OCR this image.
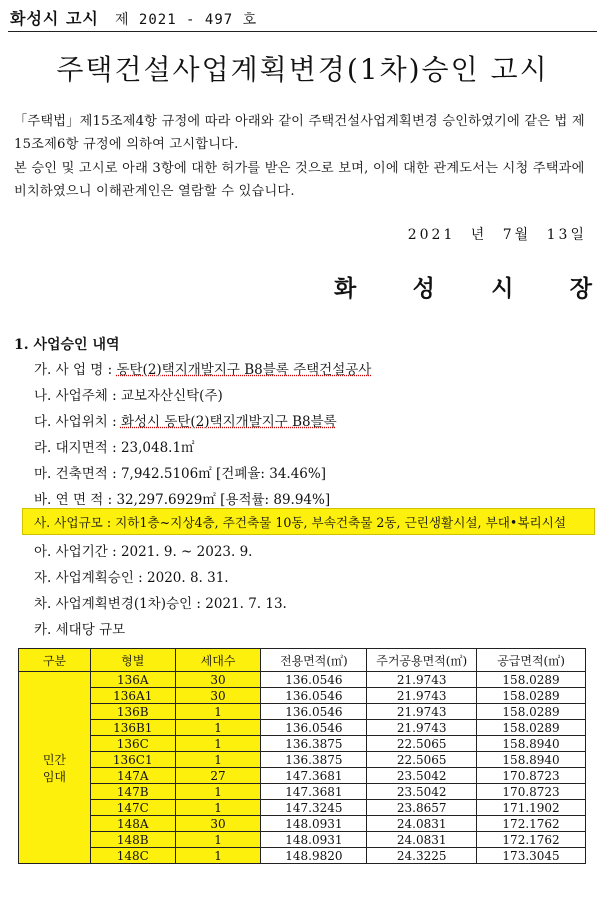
화성시 고시 제 2021 - 497 호
주택건설사업계획변경(1차)승인 고시
「주택법」제15조제4항 규정에 따라 아래와 같이 주택건설사업계획변경 승인하였기에 같은 법 제15조제6항 규정에 의하여 고시합니다.
본 승인 및 고시로 아래 3항에 대한 허가를 받은 것으로 보며, 이에 대한 관계도서는 시청 주택과에 비치하였으니 이해관계인은 열람할 수 있습니다.
2021 년 7월 13일
화 성 시 장
1. 사업승인 내역
가. 사 업 명 : 동탄(2)택지개발지구 B8블록 주택건설공사
나. 사업주체 : 교보자산신탁(주)
다. 사업위치 : 화성시 동탄(2)택지개발지구 B8블록
라. 대지면적 : 23,048.1㎡
마. 건축면적 : 7,942.5106㎡ [건폐율: 34.46%]
바. 연 면 적 : 32,297.6929㎡ [용적률: 89.94%]
사. 사업규모 : 지하1층~지상4층, 주건축물 10동, 부속건축물 2동, 근린생활시설, 부대•복리시설
아. 사업기간 : 2021. 9. ~ 2023. 9.
자. 사업계획승인 : 2020. 8. 31.
차. 사업계획변경(1차)승인 : 2021. 7. 13.
카. 세대당 규모
구분	형별	세대수	전용면적(㎡)	주거공용면적(㎡)	공급면적(㎡)
민간
임대	136A	30	136.0546	21.9743	158.0289
	136A1	30	136.0546	21.9743	158.0289
	136B	1	136.0546	21.9743	158.0289
	136B1	1	136.0546	21.9743	158.0289
	136C	1	136.3875	22.5065	158.8940
	136C1	1	136.3875	22.5065	158.8940
	147A	27	147.3681	23.5042	170.8723
	147B	1	147.3681	23.5042	170.8723
	147C	1	147.3245	23.8657	171.1902
	148A	30	148.0931	24.0831	172.1762
	148B	1	148.0931	24.0831	172.1762
	148C	1	148.9820	24.3225	173.3045
